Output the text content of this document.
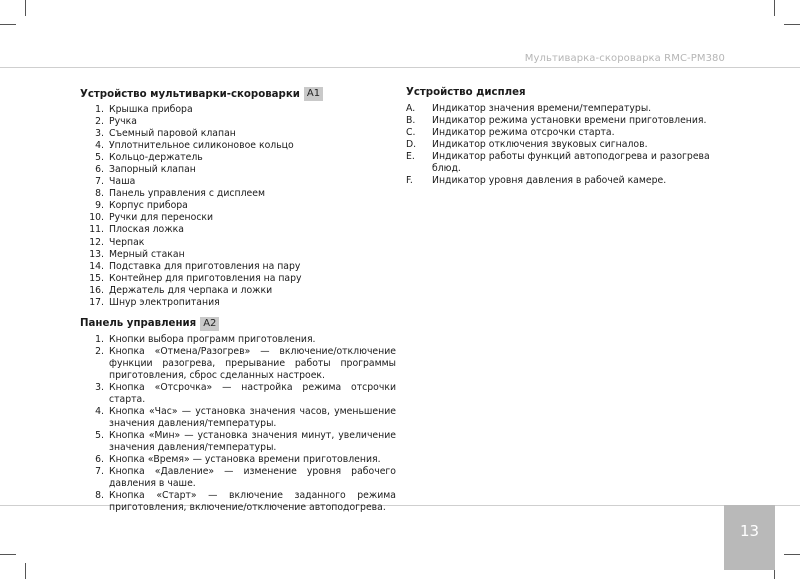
Мультиварка-скороварка RMC-PM380
13
Устройство мультиварки-скороварки A1
1. Крышка прибора
2. Ручка
3. Съемный паровой клапан
4. Уплотнительное силиконовое кольцо
5. Кольцо-держатель
6. Запорный клапан
7. Чаша
8. Панель управления с дисплеем
9. Корпус прибора
10. Ручки для переноски
11. Плоская ложка
12. Черпак
13. Мерный стакан
14. Подставка для приготовления на пару
15. Контейнер для приготовления на пару
16. Держатель для черпака и ложки
17. Шнур электропитания
Панель управления A2
1. Кнопки выбора программ приготовления.
2. Кнопка «Отмена/Разогрев» — включение/отключение функции разогрева, прерывание работы программы приготовления, сброс сделанных настроек.
3. Кнопка «Отсрочка» — настройка режима отсрочки старта.
4. Кнопка «Час» — установка значения часов, уменьшение значения давления/температуры.
5. Кнопка «Мин» — установка значения минут, увеличение значения давления/температуры.
6. Кнопка «Время» — установка времени приготовления.
7. Кнопка «Давление» — изменение уровня рабочего давления в чаше.
8. Кнопка «Старт» — включение заданного режима приготовления, включение/отключение автоподогрева.
Устройство дисплея
A.	Индикатор значения времени/температуры.
B.	Индикатор режима установки времени приготовления.
C.	Индикатор режима отсрочки старта.
D.	Индикатор отключения звуковых сигналов.
E.	Индикатор работы функций автоподогрева и разогрева блюд.
F.	Индикатор уровня давления в рабочей камере.
